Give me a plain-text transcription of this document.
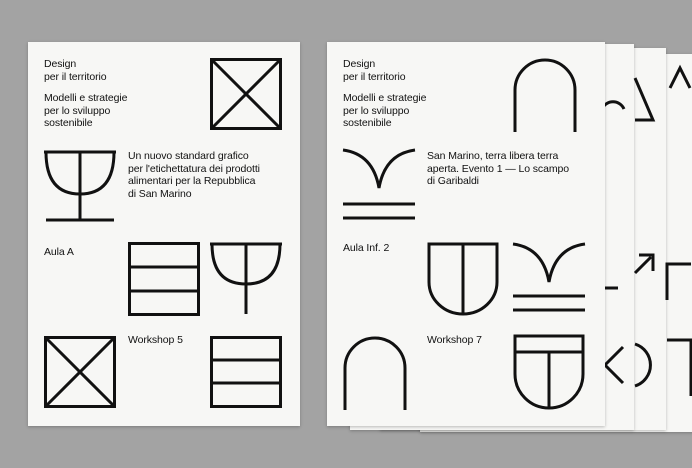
Design
per il territorio
Modelli e strategie
per lo sviluppo
sostenibile
Un nuovo standard grafico
per l'etichettatura dei prodotti
alimentari per la Repubblica
di San Marino
Aula A
Workshop 5
Design
per il territorio
Modelli e strategie
per lo sviluppo
sostenibile
San Marino, terra libera terra
aperta. Evento 1 — Lo scampo
di Garibaldi
Aula Inf. 2
Workshop 7
